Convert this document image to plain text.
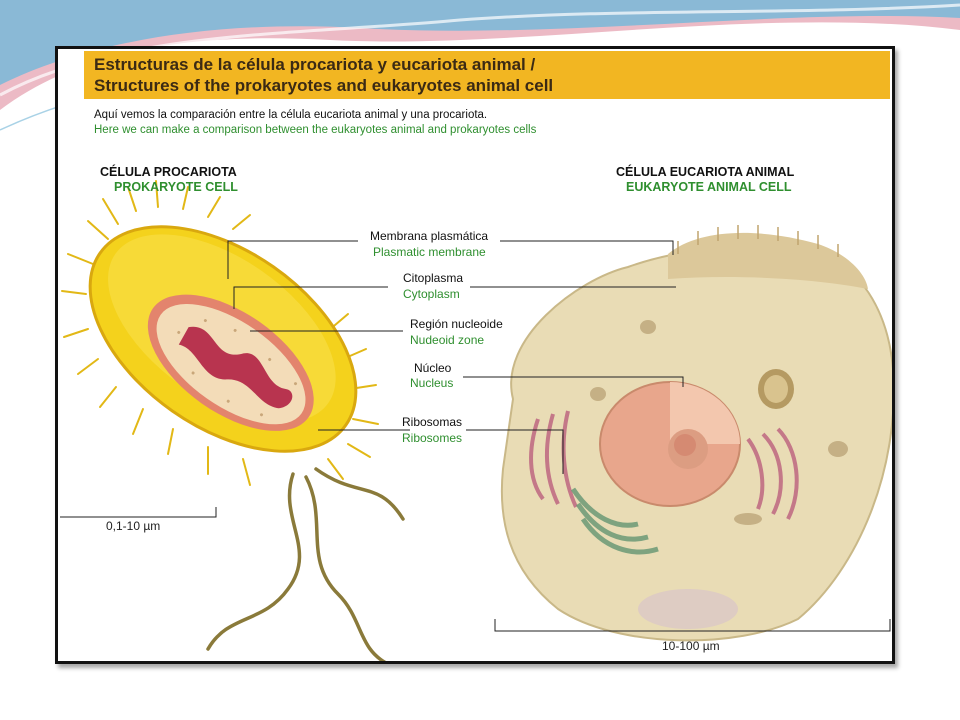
Estructuras de la célula procariota y eucariota animal /
Structures of the prokaryotes and eukaryotes animal cell
Aquí vemos la comparación entre la célula eucariota animal y una procariota.
Here we can make a comparison between the eukaryotes animal and prokaryotes cells
CÉLULA PROCARIOTA
PROKARYOTE CELL
CÉLULA EUCARIOTA ANIMAL
EUKARYOTE ANIMAL CELL
Membrana plasmática
Plasmatic membrane
Citoplasma
Cytoplasm
Región nucleoide
Nudeoid zone
Núcleo
Nucleus
Ribosomas
Ribosomes
0,1-10 µm
10-100 µm
